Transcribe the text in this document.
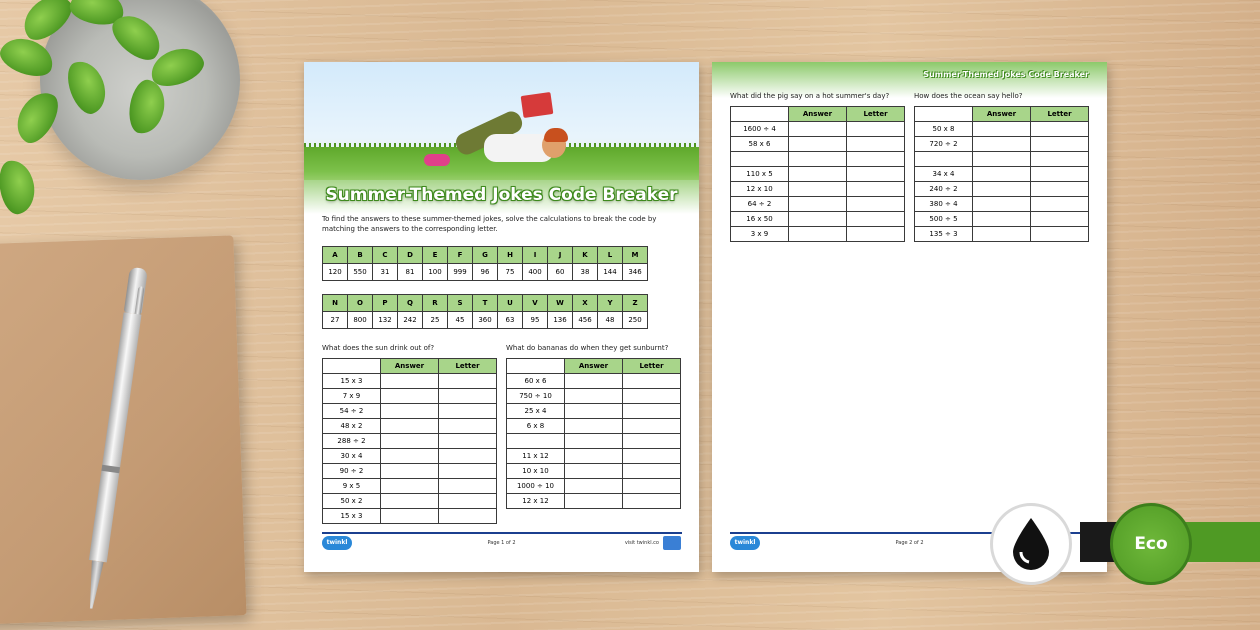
Summer-Themed Jokes Code Breaker
To find the answers to these summer-themed jokes, solve the calculations to break the code by matching the answers to the corresponding letter.
A	B	C	D	E	F	G	H	I	J	K	L	M
120	550	31	81	100	999	96	75	400	60	38	144	346
N	O	P	Q	R	S	T	U	V	W	X	Y	Z
27	800	132	242	25	45	360	63	95	136	456	48	250
What does the sun drink out of?
	Answer	Letter
15 x 3		
7 x 9		
54 ÷ 2		
48 x 2		
288 ÷ 2		
30 x 4		
90 ÷ 2		
9 x 5		
50 x 2		
15 x 3		
What do bananas do when they get sunburnt?
	Answer	Letter
60 x 6		
750 ÷ 10		
25 x 4		
6 x 8		

11 x 12		
10 x 10		
1000 ÷ 10		
12 x 12		
twinkl	Page 1 of 2	visit twinkl.co
Summer-Themed Jokes Code Breaker
What did the pig say on a hot summer's day?
	Answer	Letter
1600 ÷ 4		
58 x 6		

110 x 5		
12 x 10		
64 ÷ 2		
16 x 50		
3 x 9		
How does the ocean say hello?
	Answer	Letter
50 x 8		
720 ÷ 2		

34 x 4		
240 ÷ 2		
380 ÷ 4		
500 ÷ 5		
135 ÷ 3		
twinkl	Page 2 of 2	Eco
